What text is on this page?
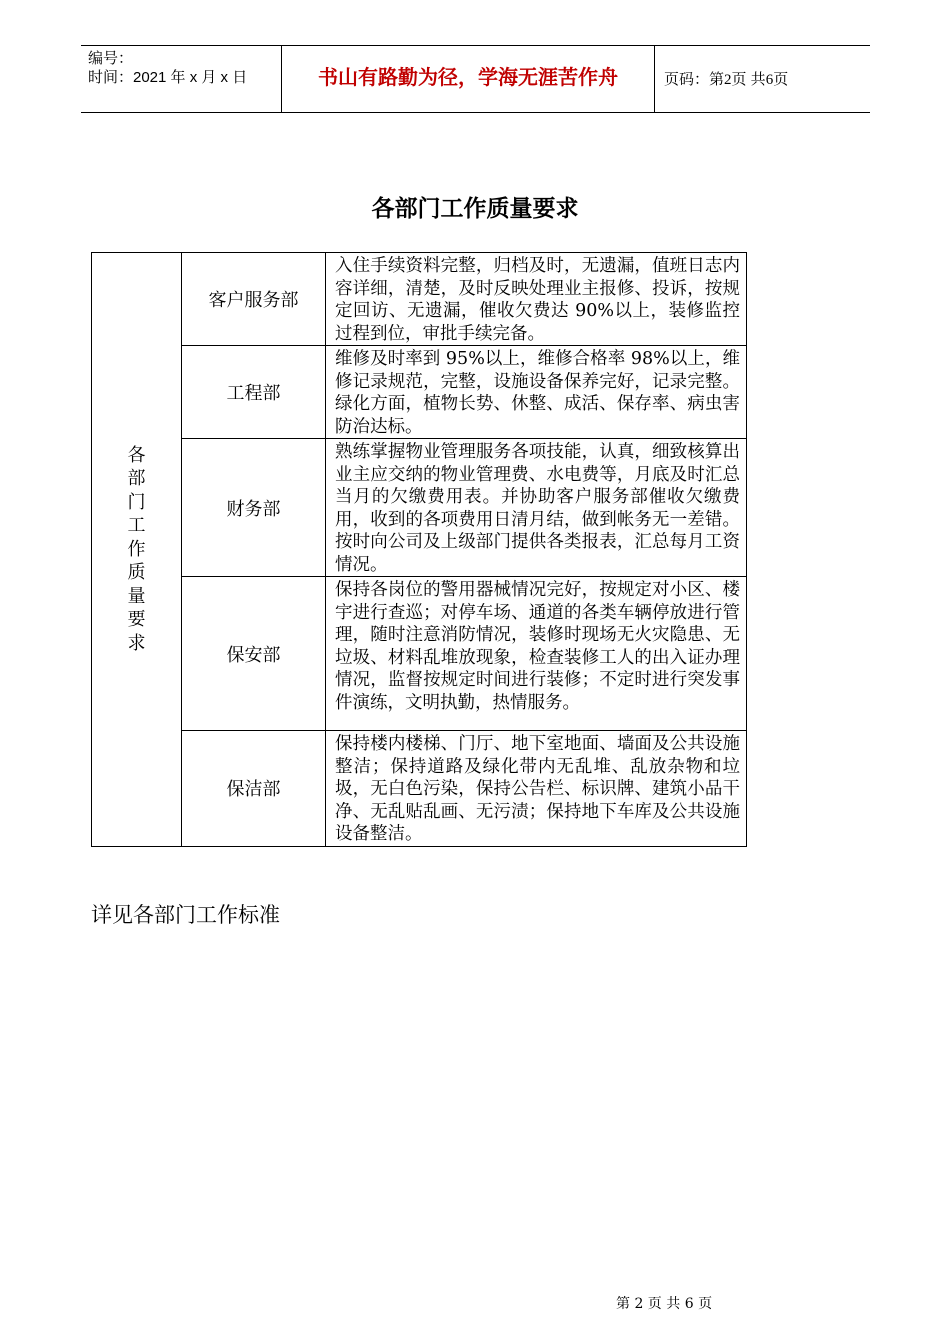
编号：
时间：2021 年 x 月 x 日	书山有路勤为径，学海无涯苦作舟	页码：第2页 共6页
各部门工作质量要求
各部门工作质量要求	客户服务部	入住手续资料完整，归档及时，无遗漏，值班日志内容详细，清楚，及时反映处理业主报修、投诉，按规定回访、无遗漏，催收欠费达 90%以上，装修监控过程到位，审批手续完备。
	工程部	维修及时率到 95%以上，维修合格率 98%以上，维修记录规范，完整，设施设备保养完好，记录完整。绿化方面，植物长势、休整、成活、保存率、病虫害防治达标。
	财务部	熟练掌握物业管理服务各项技能，认真，细致核算出业主应交纳的物业管理费、水电费等，月底及时汇总当月的欠缴费用表。并协助客户服务部催收欠缴费用，收到的各项费用日清月结，做到帐务无一差错。按时向公司及上级部门提供各类报表，汇总每月工资情况。
	保安部	保持各岗位的警用器械情况完好，按规定对小区、楼宇进行查巡；对停车场、通道的各类车辆停放进行管理，随时注意消防情况，装修时现场无火灾隐患、无垃圾、材料乱堆放现象，检查装修工人的出入证办理情况，监督按规定时间进行装修；不定时进行突发事件演练，文明执勤，热情服务。
	保洁部	保持楼内楼梯、门厅、地下室地面、墙面及公共设施整洁；保持道路及绿化带内无乱堆、乱放杂物和垃圾，无白色污染，保持公告栏、标识牌、建筑小品干净、无乱贴乱画、无污渍；保持地下车库及公共设施设备整洁。
详见各部门工作标准
第 2 页 共 6 页
